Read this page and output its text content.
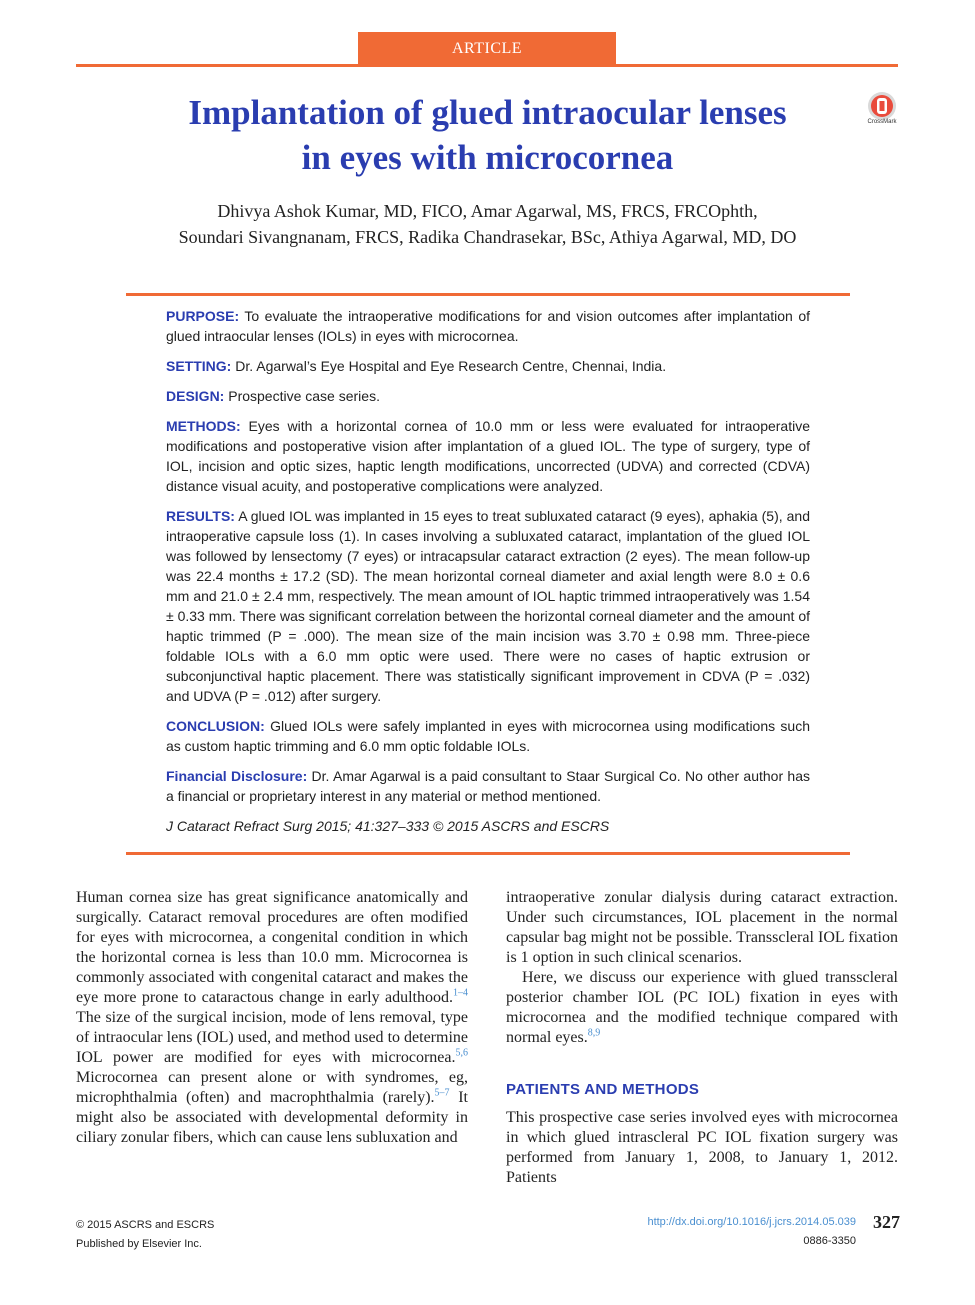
ARTICLE
Implantation of glued intraocular lenses
in eyes with microcornea
CrossMark
Dhivya Ashok Kumar, MD, FICO, Amar Agarwal, MS, FRCS, FRCOphth,
Soundari Sivangnanam, FRCS, Radika Chandrasekar, BSc, Athiya Agarwal, MD, DO

PURPOSE: To evaluate the intraoperative modifications for and vision outcomes after implantation of glued intraocular lenses (IOLs) in eyes with microcornea.

SETTING: Dr. Agarwal’s Eye Hospital and Eye Research Centre, Chennai, India.

DESIGN: Prospective case series.

METHODS: Eyes with a horizontal cornea of 10.0 mm or less were evaluated for intraoperative modifications and postoperative vision after implantation of a glued IOL. The type of surgery, type of IOL, incision and optic sizes, haptic length modifications, uncorrected (UDVA) and corrected (CDVA) distance visual acuity, and postoperative complications were analyzed.

RESULTS: A glued IOL was implanted in 15 eyes to treat subluxated cataract (9 eyes), aphakia (5), and intraoperative capsule loss (1). In cases involving a subluxated cataract, implantation of the glued IOL was followed by lensectomy (7 eyes) or intracapsular cataract extraction (2 eyes). The mean follow-up was 22.4 months ± 17.2 (SD). The mean horizontal corneal diameter and axial length were 8.0 ± 0.6 mm and 21.0 ± 2.4 mm, respectively. The mean amount of IOL haptic trimmed intraoperatively was 1.54 ± 0.33 mm. There was significant correlation between the horizontal corneal diameter and the amount of haptic trimmed (P = .000). The mean size of the main incision was 3.70 ± 0.98 mm. Three-piece foldable IOLs with a 6.0 mm optic were used. There were no cases of haptic extrusion or subconjunctival haptic placement. There was statistically significant improvement in CDVA (P = .032) and UDVA (P = .012) after surgery.

CONCLUSION: Glued IOLs were safely implanted in eyes with microcornea using modifications such as custom haptic trimming and 6.0 mm optic foldable IOLs.

Financial Disclosure: Dr. Amar Agarwal is a paid consultant to Staar Surgical Co. No other author has a financial or proprietary interest in any material or method mentioned.

J Cataract Refract Surg 2015; 41:327–333 © 2015 ASCRS and ESCRS

Human cornea size has great significance anatomically and surgically. Cataract removal procedures are often modified for eyes with microcornea, a congenital condition in which the horizontal cornea is less than 10.0 mm. Microcornea is commonly associated with congenital cataract and makes the eye more prone to cataractous change in early adulthood.$^{1-4}$ The size of the surgical incision, mode of lens removal, type of intraocular lens (IOL) used, and method used to determine IOL power are modified for eyes with microcornea.$^{5,6}$ Microcornea can present alone or with syndromes, eg, microphthalmia (often) and macrophthalmia (rarely).$^{5-7}$ It might also be associated with developmental deformity in ciliary zonular fibers, which can cause lens subluxation and

intraoperative zonular dialysis during cataract extraction. Under such circumstances, IOL placement in the normal capsular bag might not be possible. Transscleral IOL fixation is 1 option in such clinical scenarios.

Here, we discuss our experience with glued transscleral posterior chamber IOL (PC IOL) fixation in eyes with microcornea and the modified technique compared with normal eyes.$^{8,9}$

PATIENTS AND METHODS

This prospective case series involved eyes with microcornea in which glued intrascleral PC IOL fixation surgery was performed from January 1, 2008, to January 1, 2012. Patients

© 2015 ASCRS and ESCRS
Published by Elsevier Inc.
http://dx.doi.org/10.1016/j.jcrs.2014.05.039
0886-3350
327
